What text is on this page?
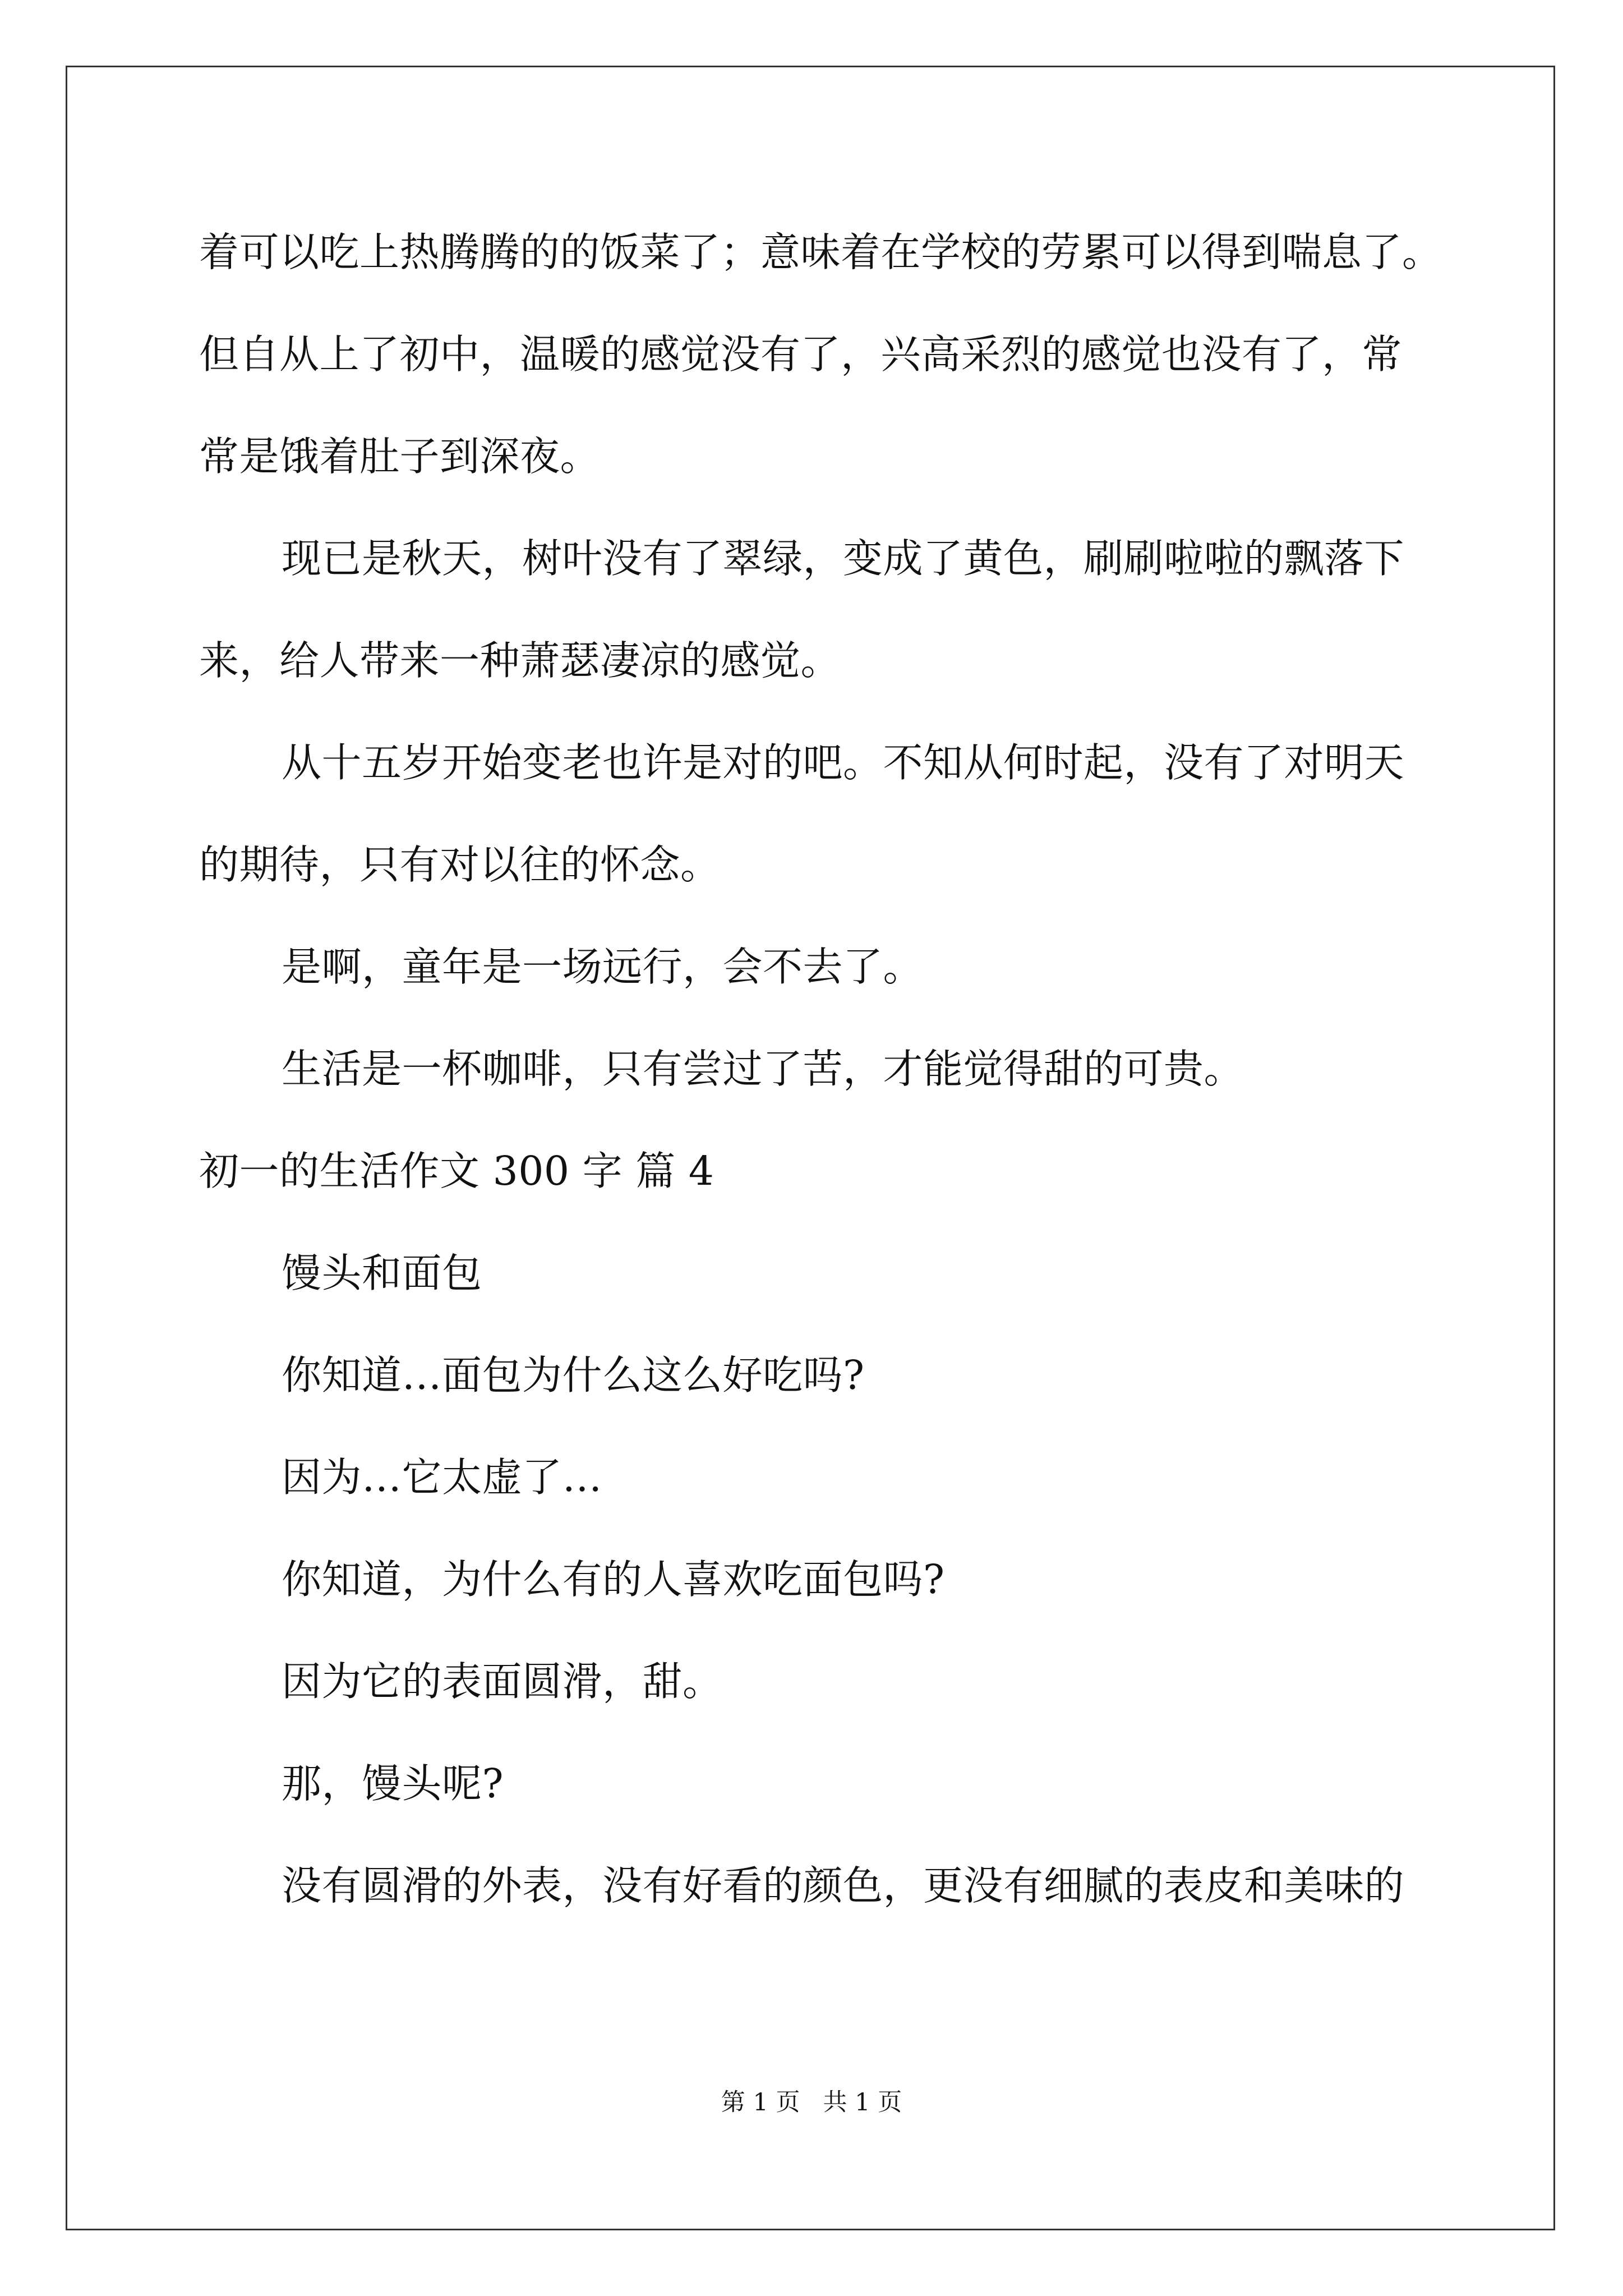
着可以吃上热腾腾的的饭菜了；意味着在学校的劳累可以得到喘息了。
但自从上了初中，温暖的感觉没有了，兴高采烈的感觉也没有了，常
常是饿着肚子到深夜。
现已是秋天，树叶没有了翠绿，变成了黄色，刷刷啦啦的飘落下
来，给人带来一种萧瑟凄凉的感觉。
从十五岁开始变老也许是对的吧。不知从何时起，没有了对明天
的期待，只有对以往的怀念。
是啊，童年是一场远行，会不去了。
生活是一杯咖啡，只有尝过了苦，才能觉得甜的可贵。
初一的生活作文 300 字 篇 4
馒头和面包
你知道…面包为什么这么好吃吗?
因为…它太虚了…
你知道，为什么有的人喜欢吃面包吗?
因为它的表面圆滑，甜。
那，馒头呢?
没有圆滑的外表，没有好看的颜色，更没有细腻的表皮和美味的
第 1 页   共 1 页
